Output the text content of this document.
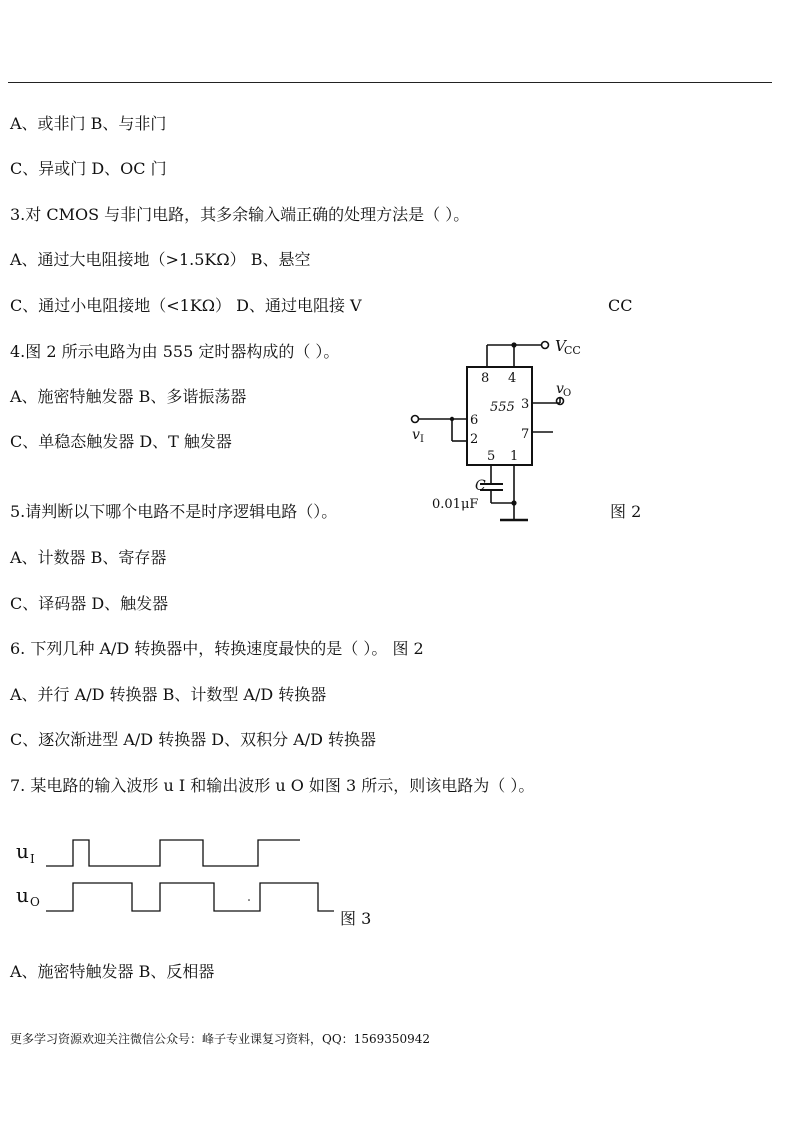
A、或非门 B、与非门
C、异或门 D、OC 门
3.对 CMOS 与非门电路，其多余输入端正确的处理方法是（ ）。
A、通过大电阻接地（>1.5KΩ） B、悬空
C、通过小电阻接地（<1KΩ） D、通过电阻接 V	CC
4.图 2 所示电路为由 555 定时器构成的（ ）。
A、施密特触发器 B、多谐振荡器
C、单稳态触发器 D、T 触发器
5.请判断以下哪个电路不是时序逻辑电路（）。	图 2
A、计数器 B、寄存器
C、译码器 D、触发器
6. 下列几种 A/D 转换器中，转换速度最快的是（ ）。 图 2
A、并行 A/D 转换器 B、计数型 A/D 转换器
C、逐次渐进型 A/D 转换器 D、双积分 A/D 转换器
7. 某电路的输入波形 u I 和输出波形 u O 如图 3 所示，则该电路为（ ）。
8 4
555 3
6
2	7
5 1
V
CC
v O
v I
C
0.01μF
u I
u O
图 3
A、施密特触发器 B、反相器
更多学习资源欢迎关注微信公众号：峰子专业课复习资料，QQ：1569350942
